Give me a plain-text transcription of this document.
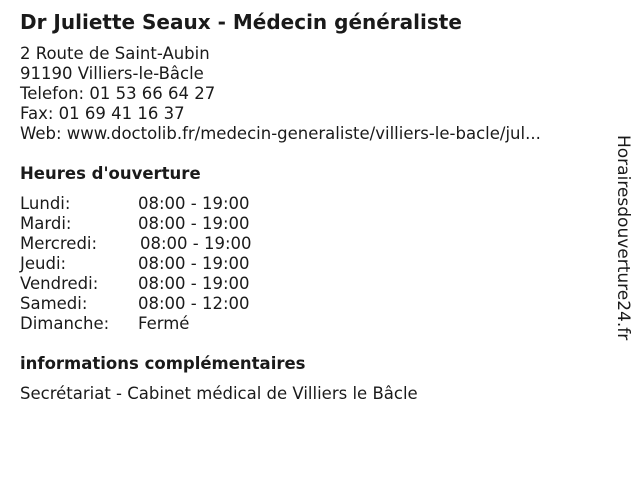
Dr Juliette Seaux - Médecin généraliste
2 Route de Saint-Aubin
91190 Villiers-le-Bâcle
Telefon: 01 53 66 64 27
Fax: 01 69 41 16 37
Web: www.doctolib.fr/medecin-generaliste/villiers-le-bacle/jul...
Heures d'ouverture
Lundi:	08:00 - 19:00
Mardi:	08:00 - 19:00
Mercredi:	08:00 - 19:00
Jeudi:	08:00 - 19:00
Vendredi: 08:00 - 19:00
Samedi:	08:00 - 12:00
Dimanche: Fermé
informations complémentaires
Secrétariat - Cabinet médical de Villiers le Bâcle
Horairesdouverture24.fr
